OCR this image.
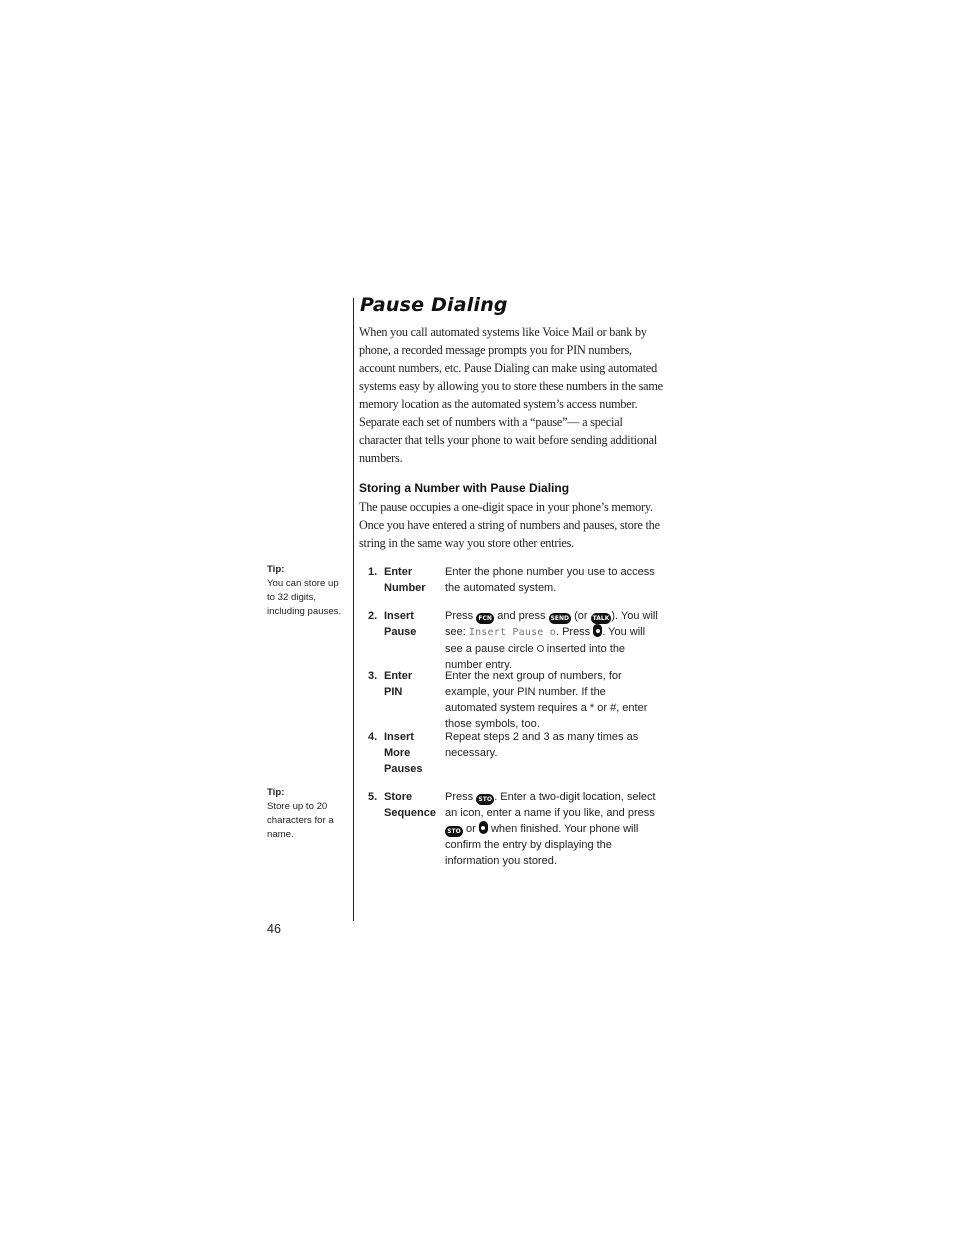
Pause Dialing
When you call automated systems like Voice Mail or bank by phone, a recorded message prompts you for PIN numbers, account numbers, etc. Pause Dialing can make using automated systems easy by allowing you to store these numbers in the same memory location as the automated system’s access number. Separate each set of numbers with a “pause”— a special character that tells your phone to wait before sending additional numbers.
Storing a Number with Pause Dialing
The pause occupies a one-digit space in your phone’s memory. Once you have entered a string of numbers and pauses, store the string in the same way you store other entries.
Tip:
You can store up to 32 digits, including pauses.
Tip:
Store up to 20 characters for a name.
1. Enter
Number
Enter the phone number you use to access the automated system.
2. Insert
Pause
Press FCN and press SEND (or TALK ). You will see: Insert Pause o. Press . You will see a pause circle  inserted into the number entry.
3. Enter
PIN
Enter the next group of numbers, for example, your PIN number. If the automated system requires a * or #, enter those symbols, too.
4. Insert
More
Pauses
Repeat steps 2 and 3 as many times as necessary.
5. Store
Sequence
Press STO . Enter a two-digit location, select an icon, enter a name if you like, and press STO or  when finished. Your phone will confirm the entry by displaying the information you stored.
46
